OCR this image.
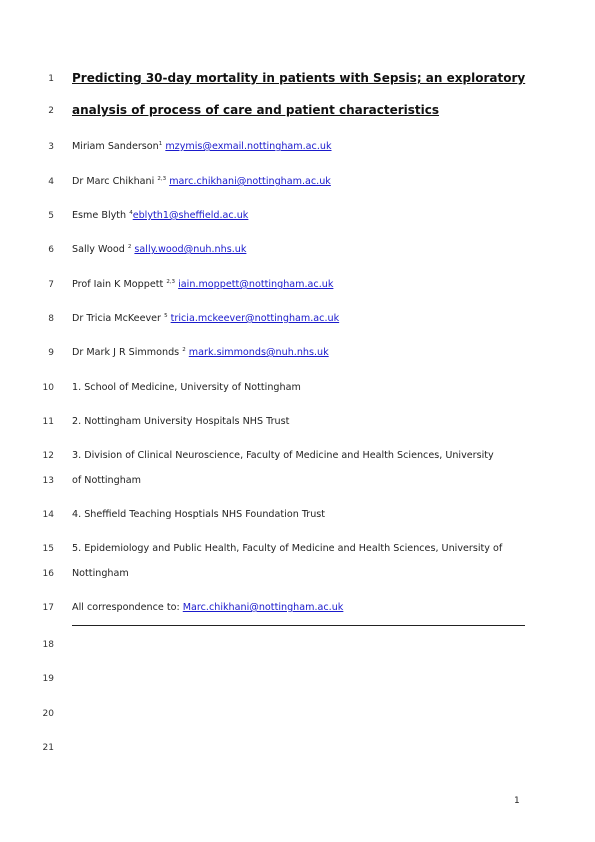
1
2
3
4
5
6
7
8
9
10
11
12
13
14
15
16
17
18
19
20
21
Predicting 30-day mortality in patients with Sepsis; an exploratory
analysis of process of care and patient characteristics
Miriam Sanderson$^1$ mzymis@exmail.nottingham.ac.uk
Dr Marc Chikhani $^{2,3}$ marc.chikhani@nottingham.ac.uk
Esme Blyth $^4$eblyth1@sheffield.ac.uk
Sally Wood $^2$ sally.wood@nuh.nhs.uk
Prof Iain K Moppett $^{2,3}$ iain.moppett@nottingham.ac.uk
Dr Tricia McKeever $^5$ tricia.mckeever@nottingham.ac.uk
Dr Mark J R Simmonds $^2$ mark.simmonds@nuh.nhs.uk
1. School of Medicine, University of Nottingham
2. Nottingham University Hospitals NHS Trust
3. Division of Clinical Neuroscience, Faculty of Medicine and Health Sciences, University
of Nottingham
4. Sheffield Teaching Hosptials NHS Foundation Trust
5. Epidemiology and Public Health, Faculty of Medicine and Health Sciences, University of
Nottingham
All correspondence to: Marc.chikhani@nottingham.ac.uk
1
